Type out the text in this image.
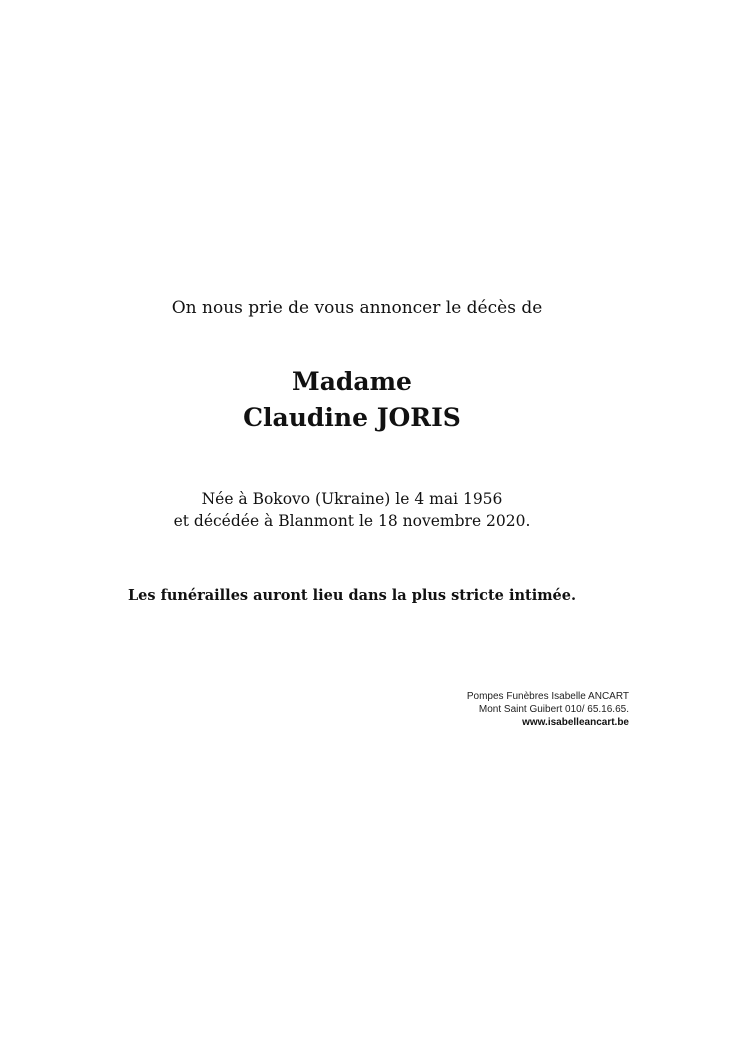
On nous prie de vous annoncer le décès de
Madame
Claudine JORIS
Née à Bokovo (Ukraine) le 4 mai 1956
et décédée à Blanmont le 18 novembre 2020.
Les funérailles auront lieu dans la plus stricte intimée.
Pompes Funèbres Isabelle ANCART
Mont Saint Guibert 010/ 65.16.65.
www.isabelleancart.be
